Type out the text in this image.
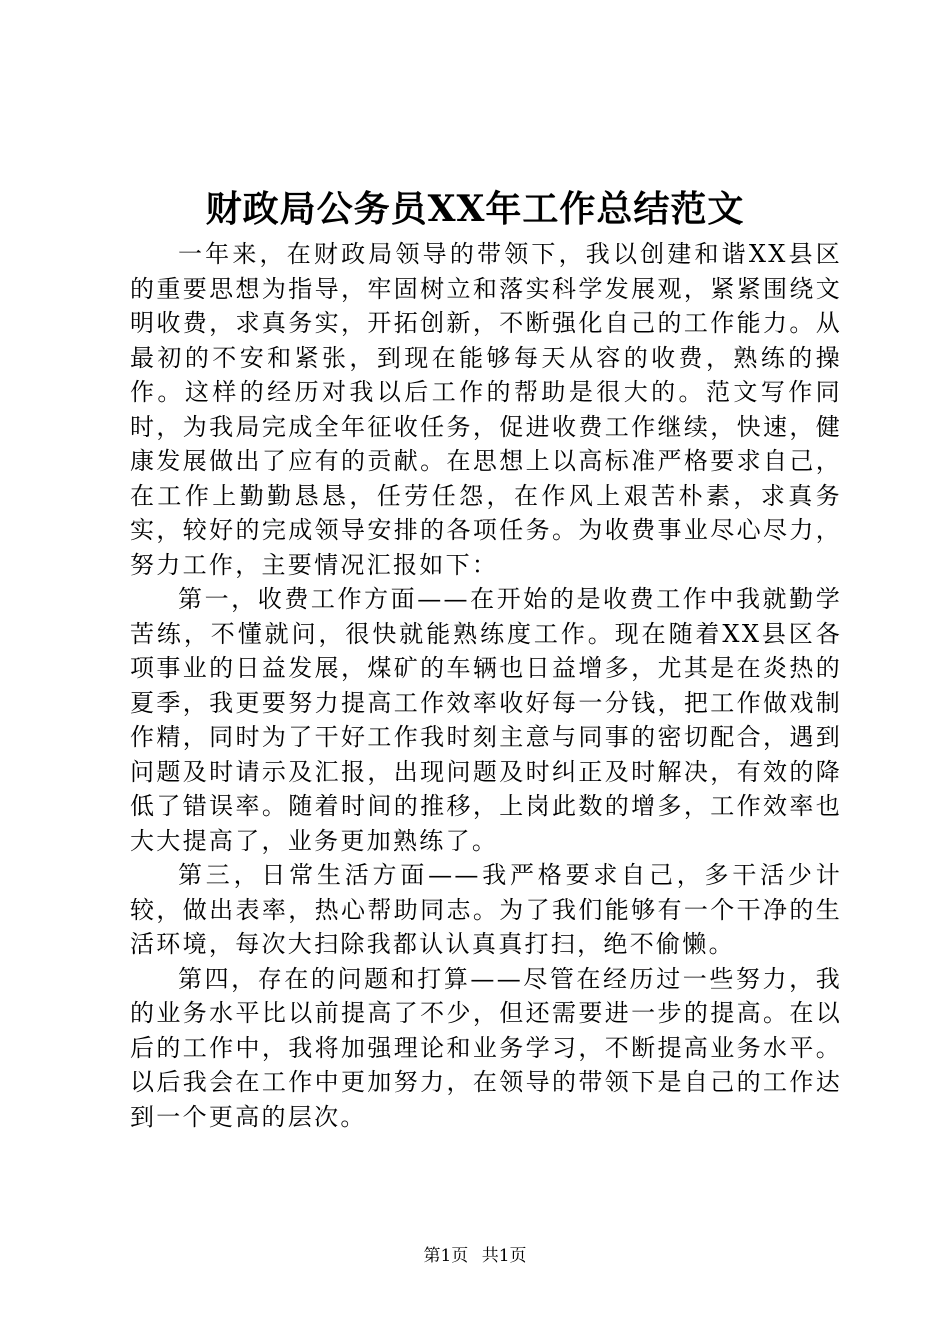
财政局公务员XX年工作总结范文

一年来，在财政局领导的带领下，我以创建和谐XX县区的重要思想为指导，牢固树立和落实科学发展观，紧紧围绕文明收费，求真务实，开拓创新，不断强化自己的工作能力。从最初的不安和紧张，到现在能够每天从容的收费，熟练的操作。这样的经历对我以后工作的帮助是很大的。范文写作同时，为我局完成全年征收任务，促进收费工作继续，快速，健康发展做出了应有的贡献。在思想上以高标准严格要求自己，在工作上勤勤恳恳，任劳任怨，在作风上艰苦朴素，求真务实，较好的完成领导安排的各项任务。为收费事业尽心尽力，努力工作，主要情况汇报如下：

第一，收费工作方面——在开始的是收费工作中我就勤学苦练，不懂就问，很快就能熟练度工作。现在随着XX县区各项事业的日益发展，煤矿的车辆也日益增多，尤其是在炎热的夏季，我更要努力提高工作效率收好每一分钱，把工作做戏制作精，同时为了干好工作我时刻主意与同事的密切配合，遇到问题及时请示及汇报，出现问题及时纠正及时解决，有效的降低了错误率。随着时间的推移，上岗此数的增多，工作效率也大大提高了，业务更加熟练了。

第三，日常生活方面——我严格要求自己，多干活少计较，做出表率，热心帮助同志。为了我们能够有一个干净的生活环境，每次大扫除我都认认真真打扫，绝不偷懒。

第四，存在的问题和打算——尽管在经历过一些努力，我的业务水平比以前提高了不少，但还需要进一步的提高。在以后的工作中，我将加强理论和业务学习，不断提高业务水平。以后我会在工作中更加努力，在领导的带领下是自己的工作达到一个更高的层次。

第1页 共1页
